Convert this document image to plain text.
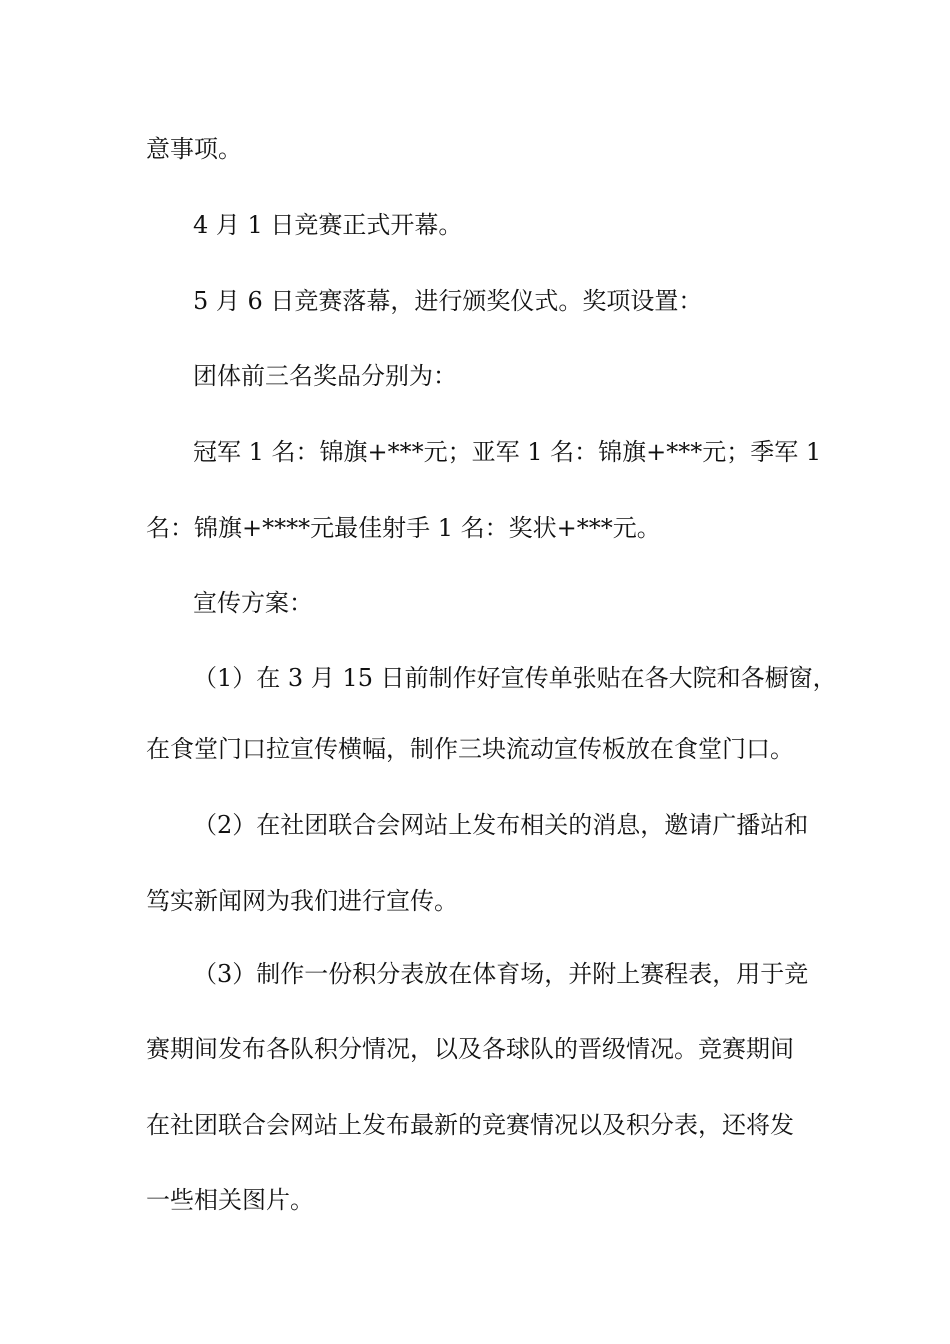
意事项。

4 月 1 日竞赛正式开幕。

5 月 6 日竞赛落幕，进行颁奖仪式。奖项设置：

团体前三名奖品分别为：

冠军 1 名：锦旗+***元；亚军 1 名：锦旗+***元；季军 1

名：锦旗+****元最佳射手 1 名：奖状+***元。

宣传方案：

（1）在 3 月 15 日前制作好宣传单张贴在各大院和各橱窗，

在食堂门口拉宣传横幅，制作三块流动宣传板放在食堂门口。

（2）在社团联合会网站上发布相关的消息，邀请广播站和

笃实新闻网为我们进行宣传。

（3）制作一份积分表放在体育场，并附上赛程表，用于竞

赛期间发布各队积分情况，以及各球队的晋级情况。竞赛期间

在社团联合会网站上发布最新的竞赛情况以及积分表，还将发

一些相关图片。
